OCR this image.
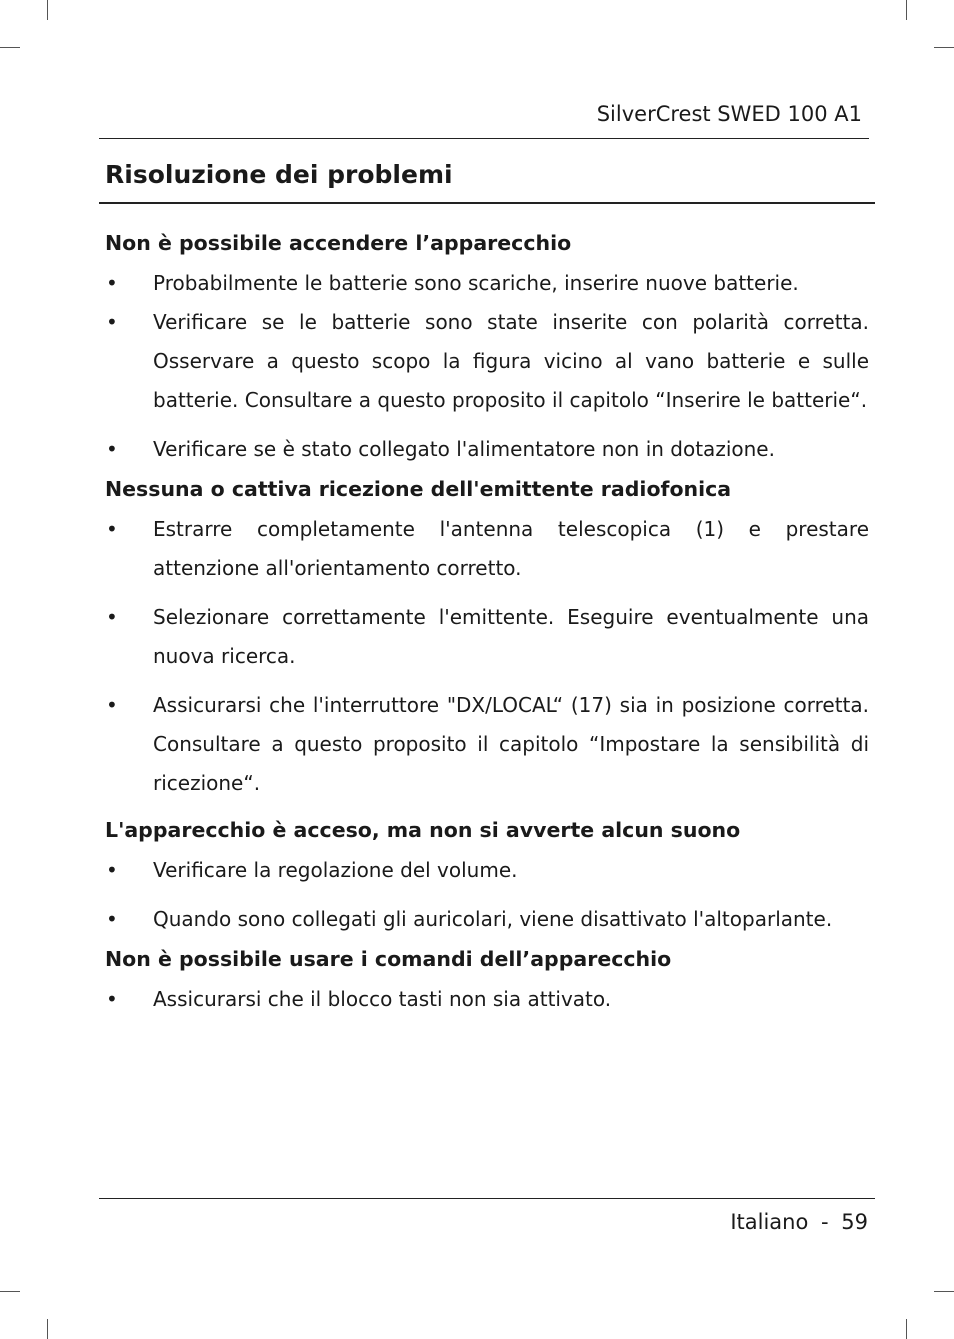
SilverCrest SWED 100 A1
Risoluzione dei problemi
Non è possibile accendere l’apparecchio
• Probabilmente le batterie sono scariche, inserire nuove batterie.
• Verificare se le batterie sono state inserite con polarità corretta. Osservare a questo scopo la figura vicino al vano batterie e sulle batterie. Consultare a questo proposito il capitolo “Inserire le batterie“.
• Verificare se è stato collegato l'alimentatore non in dotazione.
Nessuna o cattiva ricezione dell'emittente radiofonica
• Estrarre completamente l'antenna telescopica (1) e prestare attenzione all'orientamento corretto.
• Selezionare correttamente l'emittente. Eseguire eventualmente una nuova ricerca.
• Assicurarsi che l'interruttore "DX/LOCAL“ (17) sia in posizione corretta. Consultare a questo proposito il capitolo “Impostare la sensibilità di ricezione“.
L'apparecchio è acceso, ma non si avverte alcun suono
• Verificare la regolazione del volume.
• Quando sono collegati gli auricolari, viene disattivato l'altoparlante.
Non è possibile usare i comandi dell’apparecchio
• Assicurarsi che il blocco tasti non sia attivato.
Italiano - 59
